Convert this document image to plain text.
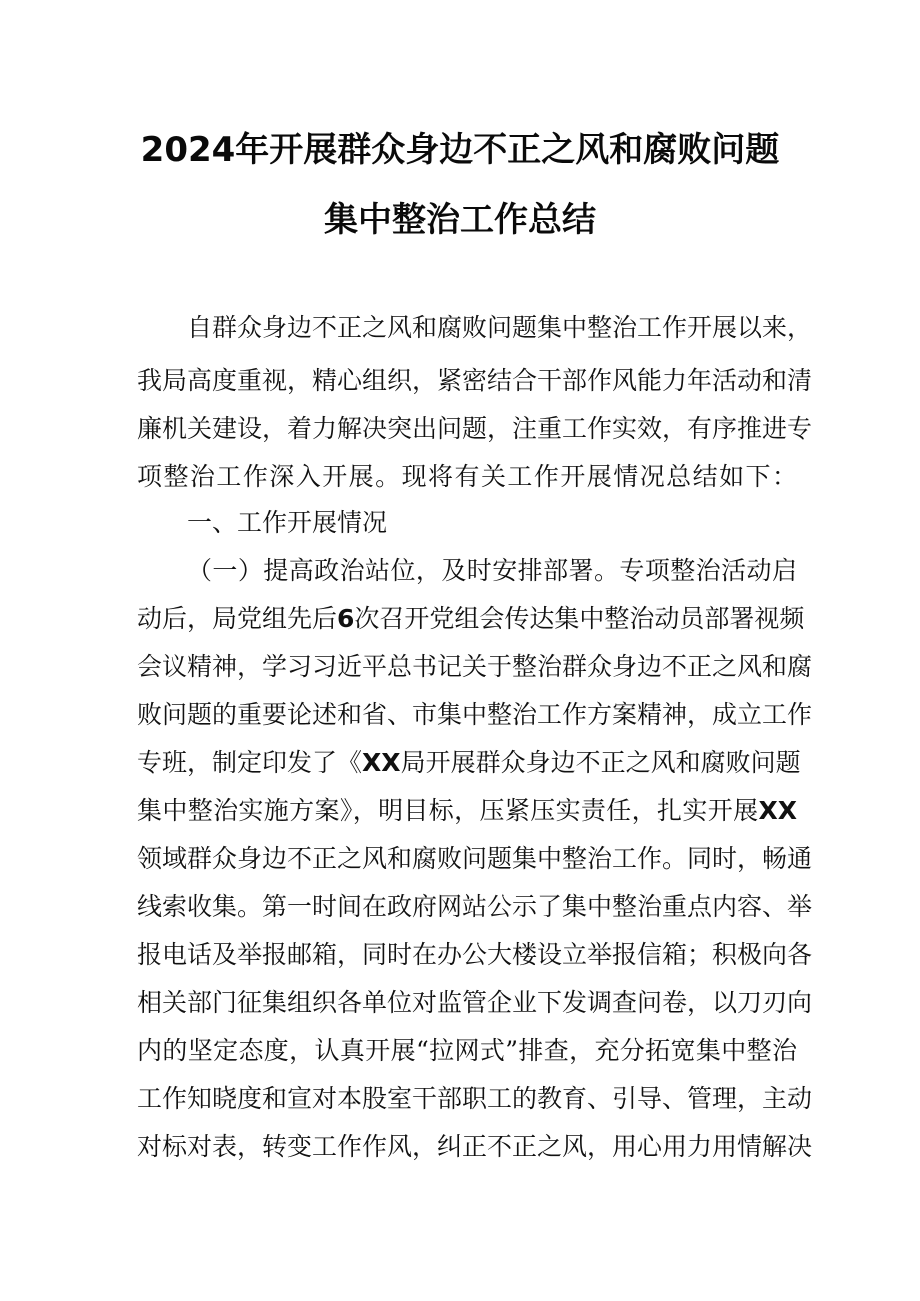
2024年开展群众身边不正之风和腐败问题
集中整治工作总结
自群众身边不正之风和腐败问题集中整治工作开展以来，
我局高度重视，精心组织，紧密结合干部作风能力年活动和清
廉机关建设，着力解决突出问题，注重工作实效，有序推进专
项整治工作深入开展。现将有关工作开展情况总结如下：
一、工作开展情况
（一）提高政治站位，及时安排部署。专项整治活动启
动后，局党组先后6次召开党组会传达集中整治动员部署视频
会议精神，学习习近平总书记关于整治群众身边不正之风和腐
败问题的重要论述和省、市集中整治工作方案精神，成立工作
专班，制定印发了《XX局开展群众身边不正之风和腐败问题
集中整治实施方案》，明目标，压紧压实责任，扎实开展XX
领域群众身边不正之风和腐败问题集中整治工作。同时，畅通
线索收集。第一时间在政府网站公示了集中整治重点内容、举
报电话及举报邮箱，同时在办公大楼设立举报信箱；积极向各
相关部门征集组织各单位对监管企业下发调查问卷，以刀刃向
内的坚定态度，认真开展“拉网式”排查，充分拓宽集中整治
工作知晓度和宣对本股室干部职工的教育、引导、管理，主动
对标对表，转变工作作风，纠正不正之风，用心用力用情解决
